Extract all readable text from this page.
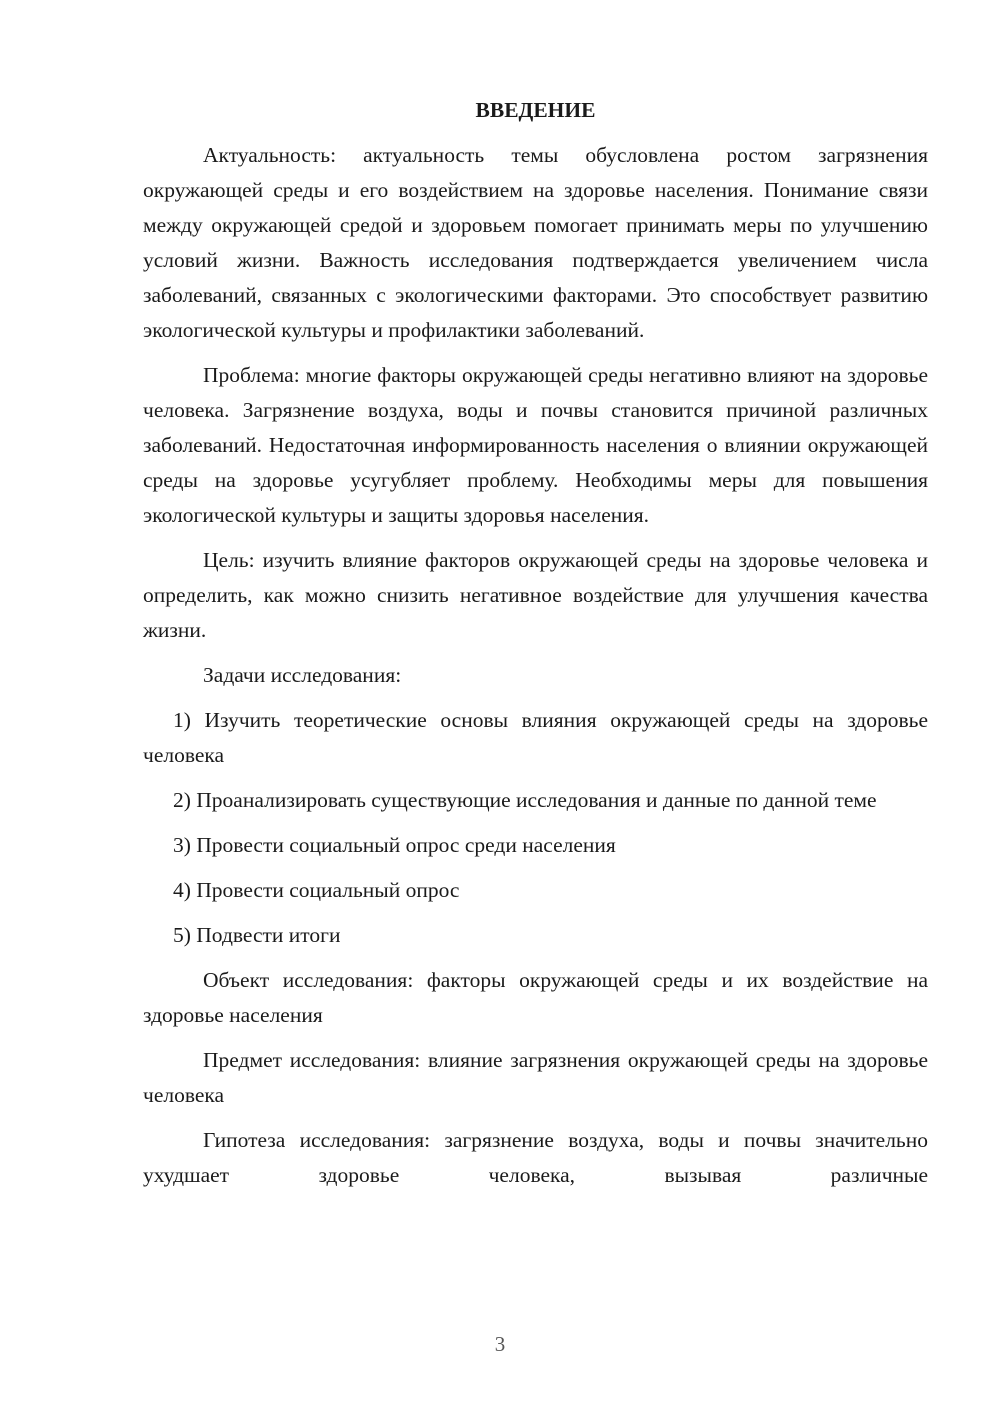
ВВЕДЕНИЕ
Актуальность: актуальность темы обусловлена ростом загрязнения окружающей среды и его воздействием на здоровье населения. Понимание связи между окружающей средой и здоровьем помогает принимать меры по улучшению условий жизни. Важность исследования подтверждается увеличением числа заболеваний, связанных с экологическими факторами. Это способствует развитию экологической культуры и профилактики заболеваний.
Проблема: многие факторы окружающей среды негативно влияют на здоровье человека. Загрязнение воздуха, воды и почвы становится причиной различных заболеваний. Недостаточная информированность населения о влиянии окружающей среды на здоровье усугубляет проблему. Необходимы меры для повышения экологической культуры и защиты здоровья населения.
Цель: изучить влияние факторов окружающей среды на здоровье человека и определить, как можно снизить негативное воздействие для улучшения качества жизни.
Задачи исследования:
1) Изучить теоретические основы влияния окружающей среды на здоровье человека
2) Проанализировать существующие исследования и данные по данной теме
3) Провести социальный опрос среди населения
4) Провести социальный опрос
5) Подвести итоги
Объект исследования: факторы окружающей среды и их воздействие на здоровье населения
Предмет исследования: влияние загрязнения окружающей среды на здоровье человека
Гипотеза исследования: загрязнение воздуха, воды и почвы значительно ухудшает здоровье человека, вызывая различные
3
